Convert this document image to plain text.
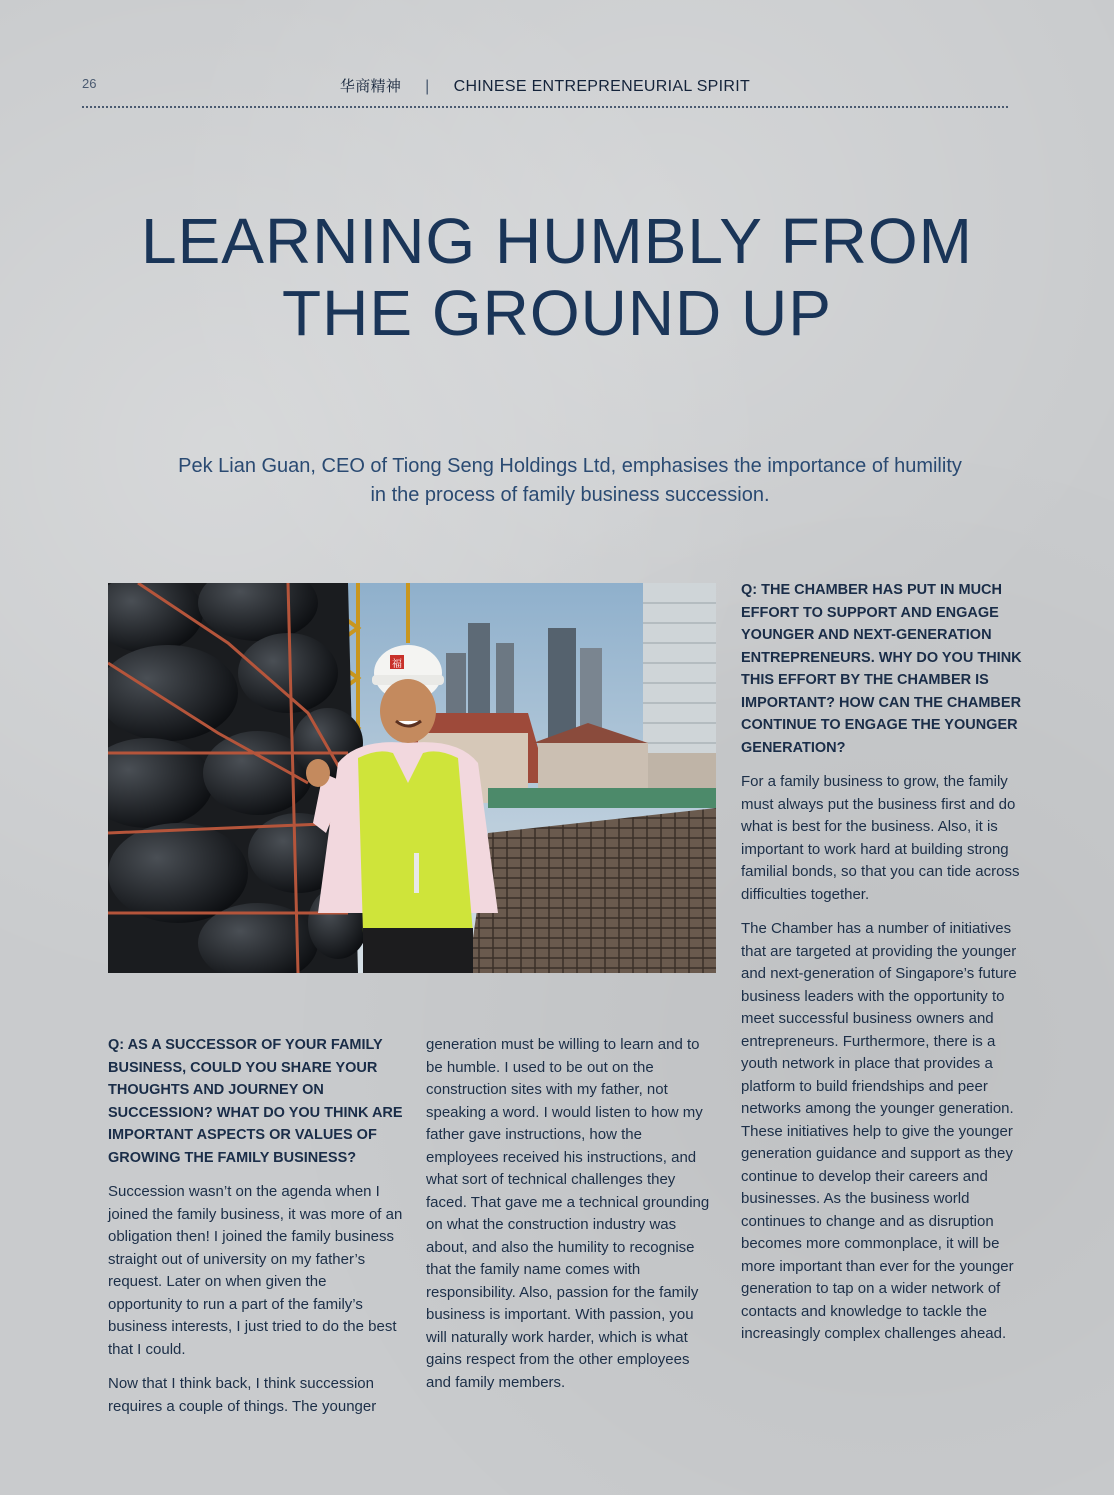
26	华商精神 | CHINESE ENTREPRENEURIAL SPIRIT
LEARNING HUMBLY FROM
THE GROUND UP

Pek Lian Guan, CEO of Tiong Seng Holdings Ltd, emphasises the importance of humility
in the process of family business succession.

福

Q: AS A SUCCESSOR OF YOUR FAMILY BUSINESS, COULD YOU SHARE YOUR THOUGHTS AND JOURNEY ON SUCCESSION? WHAT DO YOU THINK ARE IMPORTANT ASPECTS OR VALUES OF GROWING THE FAMILY BUSINESS?

Succession wasn’t on the agenda when I joined the family business, it was more of an obligation then! I joined the family business straight out of university on my father’s request. Later on when given the opportunity to run a part of the family’s business interests, I just tried to do the best that I could.

Now that I think back, I think succession requires a couple of things. The younger

generation must be willing to learn and to be humble. I used to be out on the construction sites with my father, not speaking a word. I would listen to how my father gave instructions, how the employees received his instructions, and what sort of technical challenges they faced. That gave me a technical grounding on what the construction industry was about, and also the humility to recognise that the family name comes with responsibility. Also, passion for the family business is important. With passion, you will naturally work harder, which is what gains respect from the other employees and family members.

Q: THE CHAMBER HAS PUT IN MUCH EFFORT TO SUPPORT AND ENGAGE YOUNGER AND NEXT-GENERATION ENTREPRENEURS. WHY DO YOU THINK THIS EFFORT BY THE CHAMBER IS IMPORTANT? HOW CAN THE CHAMBER CONTINUE TO ENGAGE THE YOUNGER GENERATION?

For a family business to grow, the family must always put the business first and do what is best for the business. Also, it is important to work hard at building strong familial bonds, so that you can tide across difficulties together.

The Chamber has a number of initiatives that are targeted at providing the younger and next-generation of Singapore’s future business leaders with the opportunity to meet successful business owners and entrepreneurs. Furthermore, there is a youth network in place that provides a platform to build friendships and peer networks among the younger generation. These initiatives help to give the younger generation guidance and support as they continue to develop their careers and businesses. As the business world continues to change and as disruption becomes more commonplace, it will be more important than ever for the younger generation to tap on a wider network of contacts and knowledge to tackle the increasingly complex challenges ahead.
